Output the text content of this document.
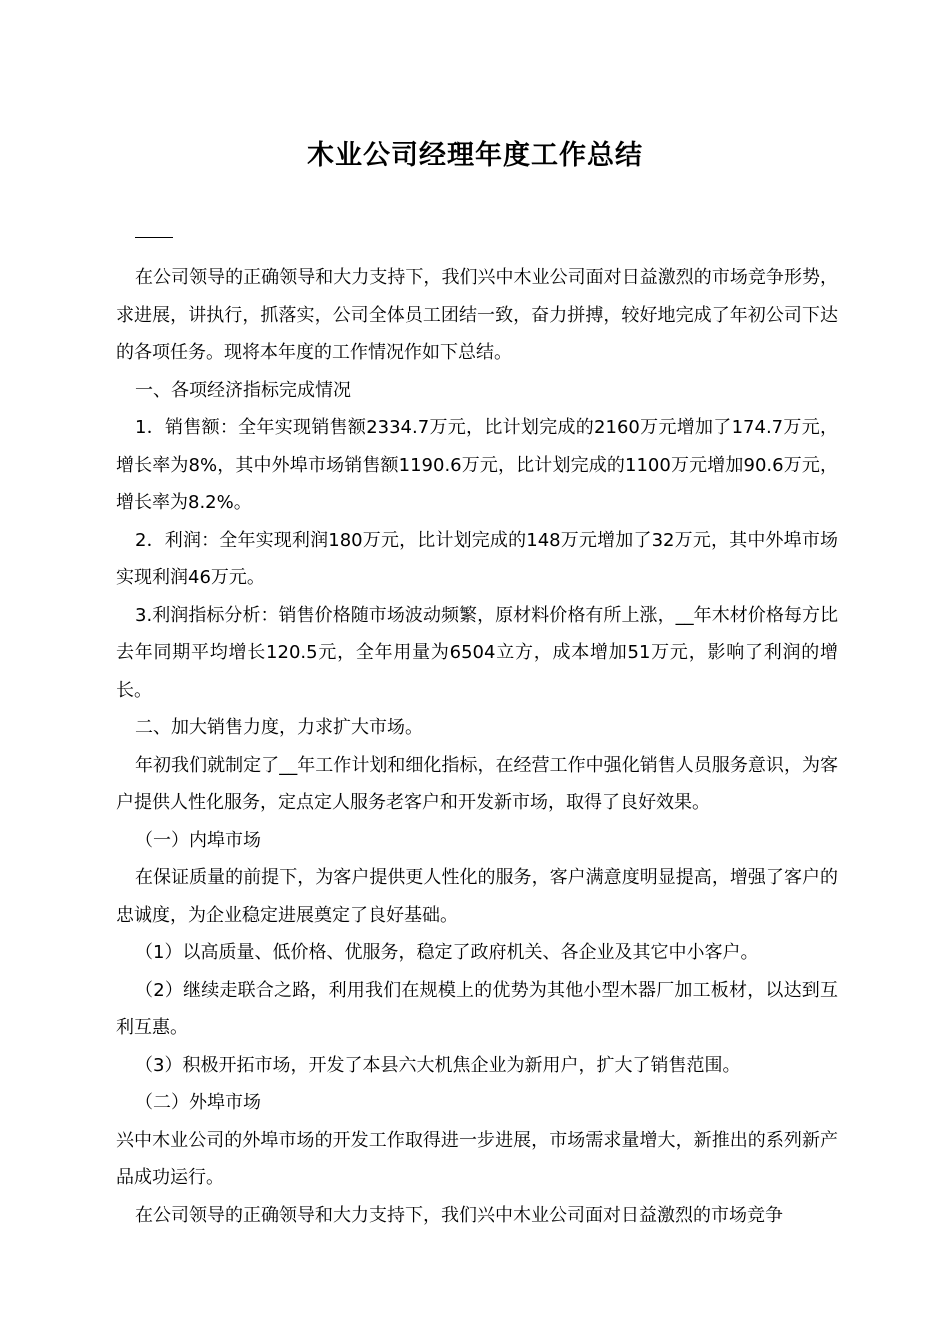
木业公司经理年度工作总结

在公司领导的正确领导和大力支持下，我们兴中木业公司面对日益激烈的市场竞争形势，求进展，讲执行，抓落实，公司全体员工团结一致，奋力拼搏，较好地完成了年初公司下达的各项任务。现将本年度的工作情况作如下总结。

一、各项经济指标完成情况

1．销售额：全年实现销售额2334.7万元，比计划完成的2160万元增加了174.7万元，增长率为8%，其中外埠市场销售额1190.6万元，比计划完成的1100万元增加90.6万元，增长率为8.2%。

2．利润：全年实现利润180万元，比计划完成的148万元增加了32万元，其中外埠市场实现利润46万元。

3.利润指标分析：销售价格随市场波动频繁，原材料价格有所上涨，__年木材价格每方比去年同期平均增长120.5元，全年用量为6504立方，成本增加51万元，影响了利润的增长。

二、加大销售力度，力求扩大市场。

年初我们就制定了__年工作计划和细化指标，在经营工作中强化销售人员服务意识，为客户提供人性化服务，定点定人服务老客户和开发新市场，取得了良好效果。

（一）内埠市场

在保证质量的前提下，为客户提供更人性化的服务，客户满意度明显提高，增强了客户的忠诚度，为企业稳定进展奠定了良好基础。

（1）以高质量、低价格、优服务，稳定了政府机关、各企业及其它中小客户。

（2）继续走联合之路，利用我们在规模上的优势为其他小型木器厂加工板材，以达到互利互惠。

（3）积极开拓市场，开发了本县六大机焦企业为新用户，扩大了销售范围。

（二）外埠市场

兴中木业公司的外埠市场的开发工作取得进一步进展，市场需求量增大，新推出的系列新产品成功运行。

在公司领导的正确领导和大力支持下，我们兴中木业公司面对日益激烈的市场竞争
